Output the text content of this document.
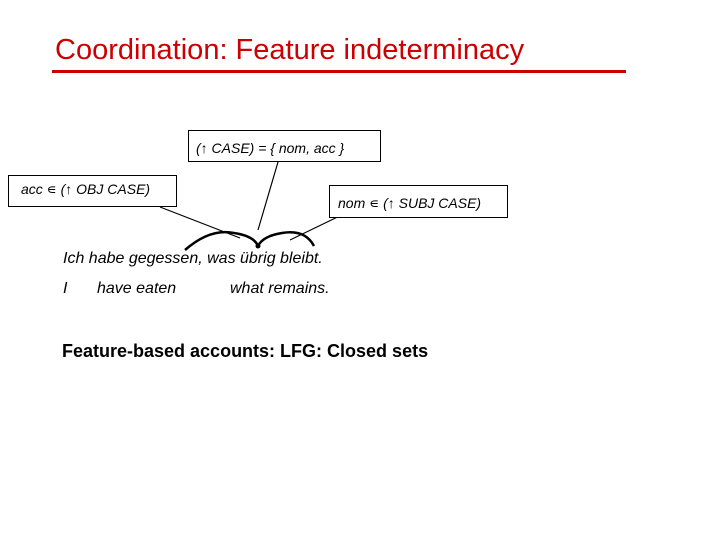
Coordination: Feature indeterminacy
(↑ CASE) = { nom, acc }
acc ∊ (↑ OBJ CASE)
nom ∊ (↑ SUBJ CASE)
Ich habe gegessen, was übrig bleibt.
I have eaten	what remains.
Feature-based accounts: LFG: Closed sets
